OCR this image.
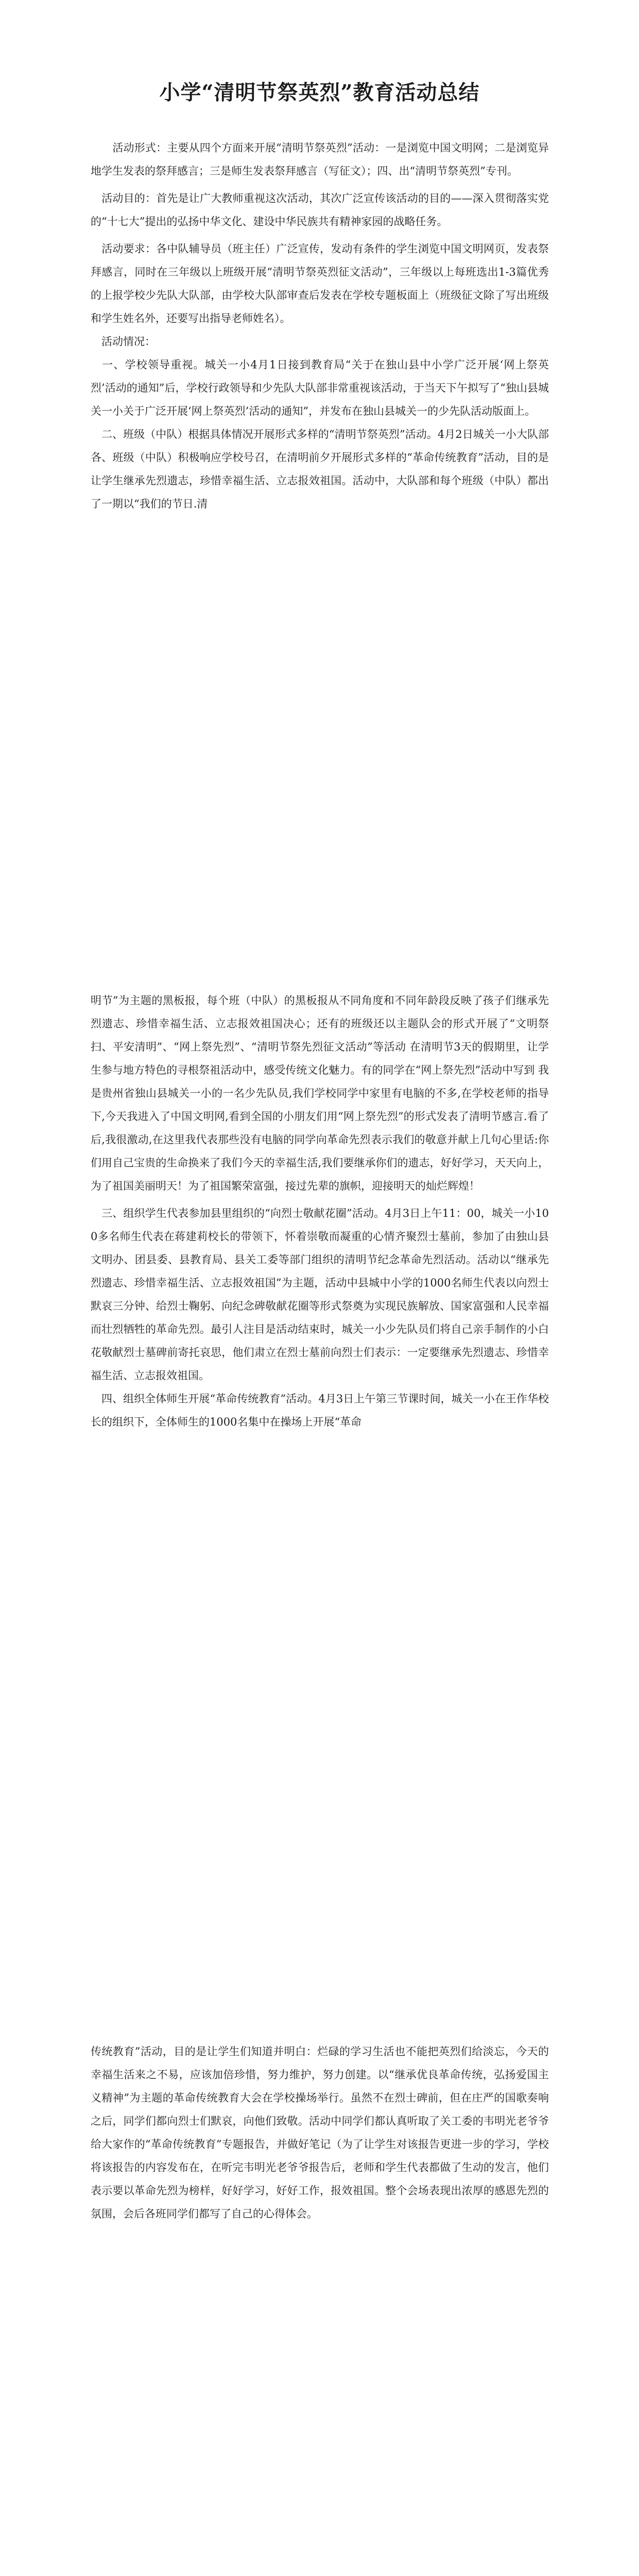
小学“清明节祭英烈”教育活动总结

　　活动形式：主要从四个方面来开展“清明节祭英烈”活动：一是浏览中国文明网；二是浏览异地学生发表的祭拜感言；三是师生发表祭拜感言（写征文）；四、出“清明节祭英烈”专刊。

　活动目的：首先是让广大教师重视这次活动，其次广泛宣传该活动的目的——深入贯彻落实党的“十七大”提出的弘扬中华文化、建设中华民族共有精神家园的战略任务。

　活动要求：各中队辅导员（班主任）广泛宣传，发动有条件的学生浏览中国文明网页，发表祭拜感言，同时在三年级以上班级开展“清明节祭英烈征文活动”，三年级以上每班选出1-3篇优秀的上报学校少先队大队部，由学校大队部审查后发表在学校专题板面上（班级征文除了写出班级和学生姓名外，还要写出指导老师姓名）。

　活动情况：

　一、学校领导重视。城关一小4月1日接到教育局“关于在独山县中小学广泛开展‘网上祭英烈’活动的通知”后，学校行政领导和少先队大队部非常重视该活动，于当天下午拟写了“独山县城关一小关于广泛开展‘网上祭英烈’活动的通知”，并发布在独山县城关一的少先队活动版面上。

　二、班级（中队）根据具体情况开展形式多样的“清明节祭英烈”活动。4月2日城关一小大队部各、班级（中队）积极响应学校号召，在清明前夕开展形式多样的“革命传统教育”活动，目的是让学生继承先烈遗志，珍惜幸福生活、立志报效祖国。活动中，大队部和每个班级（中队）都出了一期以“我们的节日.清

明节”为主题的黑板报，每个班（中队）的黑板报从不同角度和不同年龄段反映了孩子们继承先烈遗志、珍惜幸福生活、立志报效祖国决心；还有的班级还以主题队会的形式开展了“文明祭扫、平安清明”、“网上祭先烈”、“清明节祭先烈征文活动”等活动 在清明节3天的假期里，让学生参与地方特色的寻根祭祖活动中，感受传统文化魅力。有的同学在“网上祭先烈”活动中写到 我是贵州省独山县城关一小的一名少先队员,我们学校同学中家里有电脑的不多,在学校老师的指导下,今天我进入了中国文明网,看到全国的小朋友们用“网上祭先烈”的形式发表了清明节感言.看了后,我很激动,在这里我代表那些没有电脑的同学向革命先烈表示我们的敬意并献上几句心里话:你们用自己宝贵的生命换来了我们今天的幸福生活,我们要继承你们的遗志，好好学习，天天向上，为了祖国美丽明天！为了祖国繁荣富强，接过先辈的旗帜，迎接明天的灿烂辉煌！

　三、组织学生代表参加县里组织的“向烈士敬献花圈”活动。4月3日上午11：00，城关一小100多名师生代表在蒋建莉校长的带领下，怀着崇敬而凝重的心情齐聚烈士墓前，参加了由独山县文明办、团县委、县教育局、县关工委等部门组织的清明节纪念革命先烈活动。活动以“继承先烈遗志、珍惜幸福生活、立志报效祖国”为主题，活动中县城中小学的1000名师生代表以向烈士默哀三分钟、给烈士鞠躬、向纪念碑敬献花圈等形式祭奠为实现民族解放、国家富强和人民幸福而壮烈牺牲的革命先烈。最引人注目是活动结束时，城关一小少先队员们将自己亲手制作的小白花敬献烈士墓碑前寄托哀思，他们肃立在烈士墓前向烈士们表示：一定要继承先烈遗志、珍惜幸福生活、立志报效祖国。

　四、组织全体师生开展“革命传统教育”活动。4月3日上午第三节课时间，城关一小在王作华校长的组织下，全体师生的1000名集中在操场上开展“革命

传统教育”活动，目的是让学生们知道并明白：烂碌的学习生活也不能把英烈们给淡忘，今天的幸福生活来之不易，应该加倍珍惜，努力维护，努力创建。以“继承优良革命传统，弘扬爱国主义精神”为主题的革命传统教育大会在学校操场举行。虽然不在烈士碑前，但在庄严的国歌奏响之后，同学们都向烈士们默哀，向他们致敬。活动中同学们都认真听取了关工委的韦明光老爷爷给大家作的“革命传统教育”专题报告，并做好笔记（为了让学生对该报告更进一步的学习，学校将该报告的内容发布在，在听完韦明光老爷爷报告后，老师和学生代表都做了生动的发言，他们表示要以革命先烈为榜样，好好学习，好好工作，报效祖国。整个会场表现出浓厚的感恩先烈的氛围，会后各班同学们都写了自己的心得体会。
